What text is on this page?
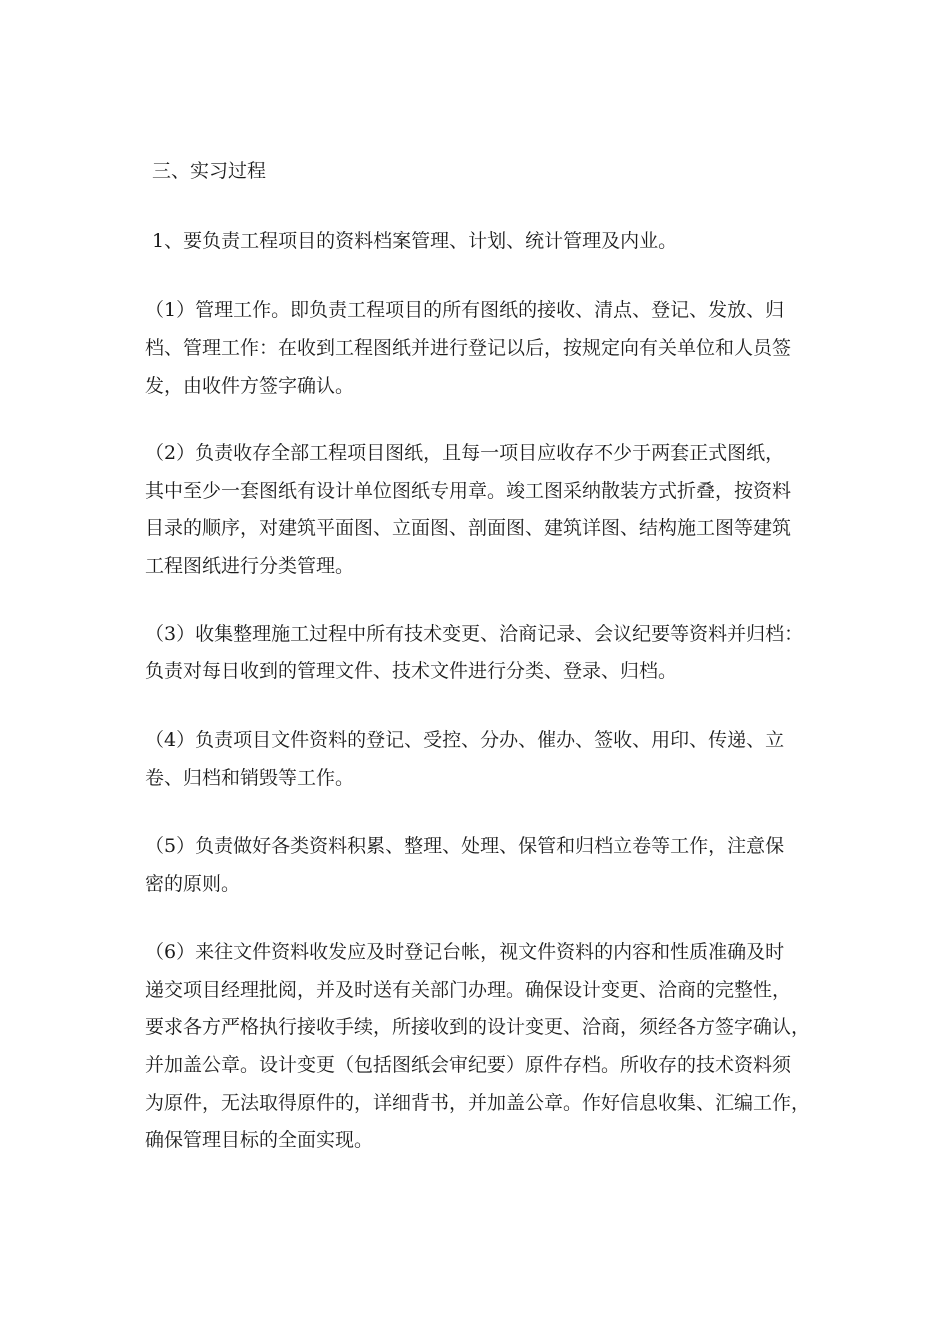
三、实习过程
1、要负责工程项目的资料档案管理、计划、统计管理及内业。
（1）管理工作。即负责工程项目的所有图纸的接收、清点、登记、发放、归
档、管理工作：在收到工程图纸并进行登记以后，按规定向有关单位和人员签
发，由收件方签字确认。
（2）负责收存全部工程项目图纸，且每一项目应收存不少于两套正式图纸，
其中至少一套图纸有设计单位图纸专用章。竣工图采纳散装方式折叠，按资料
目录的顺序，对建筑平面图、立面图、剖面图、建筑详图、结构施工图等建筑
工程图纸进行分类管理。
（3）收集整理施工过程中所有技术变更、洽商记录、会议纪要等资料并归档：
负责对每日收到的管理文件、技术文件进行分类、登录、归档。
（4）负责项目文件资料的登记、受控、分办、催办、签收、用印、传递、立
卷、归档和销毁等工作。
（5）负责做好各类资料积累、整理、处理、保管和归档立卷等工作，注意保
密的原则。
（6）来往文件资料收发应及时登记台帐，视文件资料的内容和性质准确及时
递交项目经理批阅，并及时送有关部门办理。确保设计变更、洽商的完整性，
要求各方严格执行接收手续，所接收到的设计变更、洽商，须经各方签字确认，
并加盖公章。设计变更（包括图纸会审纪要）原件存档。所收存的技术资料须
为原件，无法取得原件的，详细背书，并加盖公章。作好信息收集、汇编工作，
确保管理目标的全面实现。
